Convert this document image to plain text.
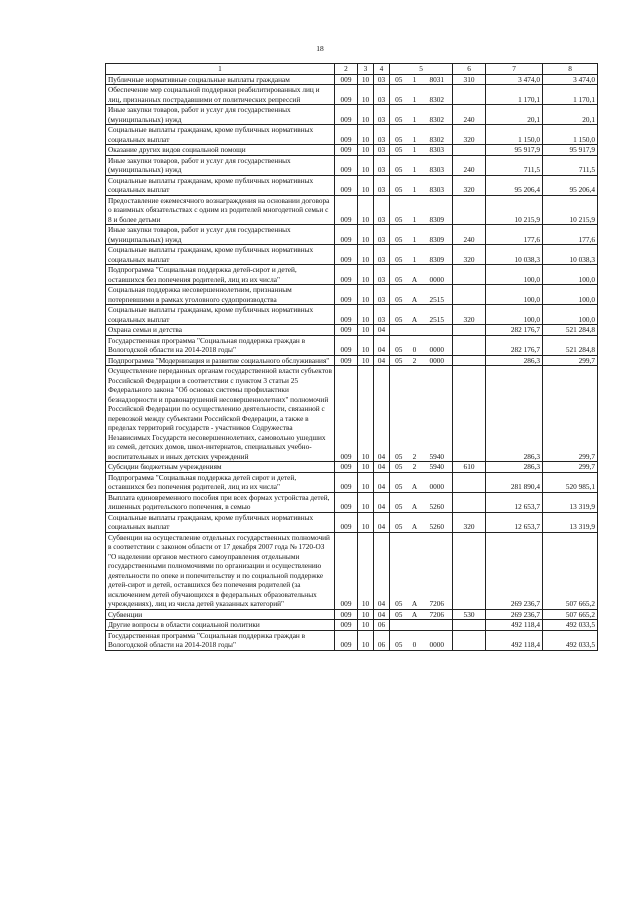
18
1	2	3	4	5			6	7	8
Публичные нормативные социальные выплаты гражданам	009	10	03	05	1	8031	310	3 474,0	3 474,0
Обеспечение мер социальной поддержки реабилитированных лиц и лиц, признанных пострадавшими от политических репрессий	009	10	03	05	1	8302		1 170,1	1 170,1
Иные закупки товаров, работ и услуг для государственных (муниципальных) нужд	009	10	03	05	1	8302	240	20,1	20,1
Социальные выплаты гражданам, кроме публичных нормативных социальных выплат	009	10	03	05	1	8302	320	1 150,0	1 150,0
Оказание других видов социальной помощи	009	10	03	05	1	8303		95 917,9	95 917,9
Иные закупки товаров, работ и услуг для государственных (муниципальных) нужд	009	10	03	05	1	8303	240	711,5	711,5
Социальные выплаты гражданам, кроме публичных нормативных социальных выплат	009	10	03	05	1	8303	320	95 206,4	95 206,4
Предоставление ежемесячного вознаграждения на основании договора о взаимных обязательствах с одним из родителей многодетной семьи с 8 и более детьми	009	10	03	05	1	8309		10 215,9	10 215,9
Иные закупки товаров, работ и услуг для государственных (муниципальных) нужд	009	10	03	05	1	8309	240	177,6	177,6
Социальные выплаты гражданам, кроме публичных нормативных социальных выплат	009	10	03	05	1	8309	320	10 038,3	10 038,3
Подпрограмма "Социальная поддержка детей-сирот и детей, оставшихся без попечения родителей, лиц из их числа"	009	10	03	05	А	0000		100,0	100,0
Социальная поддержка несовершеннолетним, признанным потерпевшими в рамках уголовного судопроизводства	009	10	03	05	А	2515		100,0	100,0
Социальные выплаты гражданам, кроме публичных нормативных социальных выплат	009	10	03	05	А	2515	320	100,0	100,0
Охрана семьи и детства	009	10	04					282 176,7	521 284,8
Государственная программа "Социальная поддержка граждан в Вологодской области на 2014-2018 годы"	009	10	04	05	0	0000		282 176,7	521 284,8
Подпрограмма "Модернизация и развитие социального обслуживания"	009	10	04	05	2	0000		286,3	299,7
Осуществление переданных органам государственной власти субъектов Российской Федерации в соответствии с пунктом 3 статьи 25 Федерального закона "Об основах системы профилактики безнадзорности и правонарушений несовершеннолетних" полномочий Российской Федерации по осуществлению деятельности, связанной с перевозкой между субъектами Российской Федерации, а также в пределах территорий государств - участников Содружества Независимых Государств несовершеннолетних, самовольно ушедших из семей, детских домов, школ-интернатов, специальных учебно-воспитательных и иных детских учреждений	009	10	04	05	2	5940		286,3	299,7
Субсидии бюджетным учреждениям	009	10	04	05	2	5940	610	286,3	299,7
Подпрограмма "Социальная поддержка детей сирот и детей, оставшихся без попечения родителей, лиц из их числа"	009	10	04	05	А	0000		281 890,4	520 985,1
Выплата единовременного пособия при всех формах устройства детей, лишенных родительского попечения, в семью	009	10	04	05	А	5260		12 653,7	13 319,9
Социальные выплаты гражданам, кроме публичных нормативных социальных выплат	009	10	04	05	А	5260	320	12 653,7	13 319,9
Субвенции на осуществление отдельных государственных полномочий в соответствии с законом области от 17 декабря 2007 года № 1720-ОЗ "О наделении органов местного самоуправления отдельными государственными полномочиями по организации и осуществлению деятельности по опеке и попечительству и по социальной поддержке детей-сирот и детей, оставшихся без попечения родителей (за исключением детей обучающихся в федеральных образовательных учреждениях), лиц из числа детей указанных категорий"	009	10	04	05	А	7206		269 236,7	507 665,2
Субвенции	009	10	04	05	А	7206	530	269 236,7	507 665,2
Другие вопросы в области социальной политики	009	10	06					492 118,4	492 033,5
Государственная программа "Социальная поддержка граждан в Вологодской области на 2014-2018 годы"	009	10	06	05	0	0000		492 118,4	492 033,5
